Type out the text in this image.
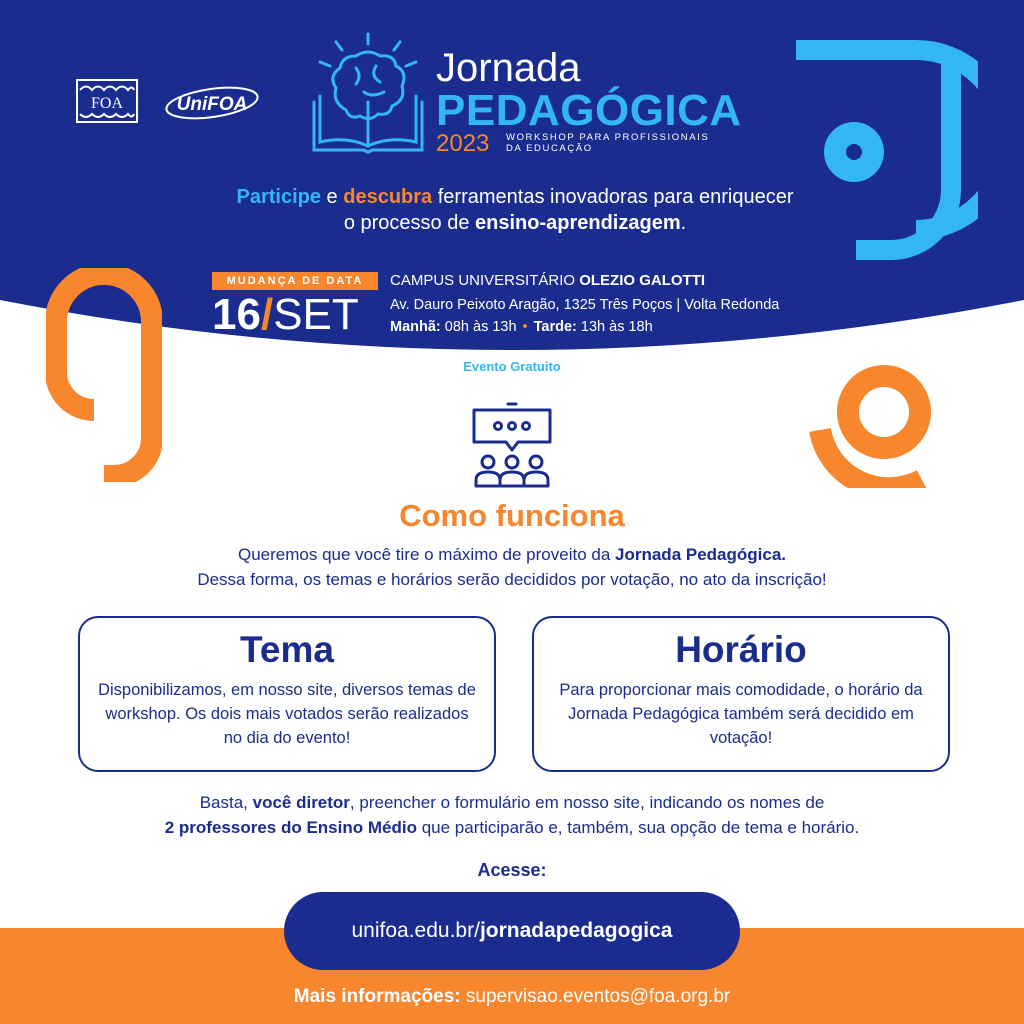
FOA	UniFOA
Jornada
PEDAGÓGICA
2023 WORKSHOP PARA PROFISSIONAIS
DA EDUCAÇÃO
Participe e descubra ferramentas inovadoras para enriquecer
o processo de ensino-aprendizagem.
MUDANÇA DE DATA
16/SET
CAMPUS UNIVERSITÁRIO OLEZIO GALOTTI
Av. Dauro Peixoto Aragão, 1325 Três Poços | Volta Redonda
Manhã: 08h às 13h • Tarde: 13h às 18h
Evento Gratuito
Como funciona
Queremos que você tire o máximo de proveito da Jornada Pedagógica.
Dessa forma, os temas e horários serão decididos por votação, no ato da inscrição!
Tema

Disponibilizamos, em nosso site, diversos temas de workshop. Os dois mais votados serão realizados no dia do evento!

Horário

Para proporcionar mais comodidade, o horário da Jornada Pedagógica também será decidido em votação!

Basta, você diretor, preencher o formulário em nosso site, indicando os nomes de
2 professores do Ensino Médio que participarão e, também, sua opção de tema e horário.
Acesse:
unifoa.edu.br/jornadapedagogica
Mais informações: supervisao.eventos@foa.org.br
